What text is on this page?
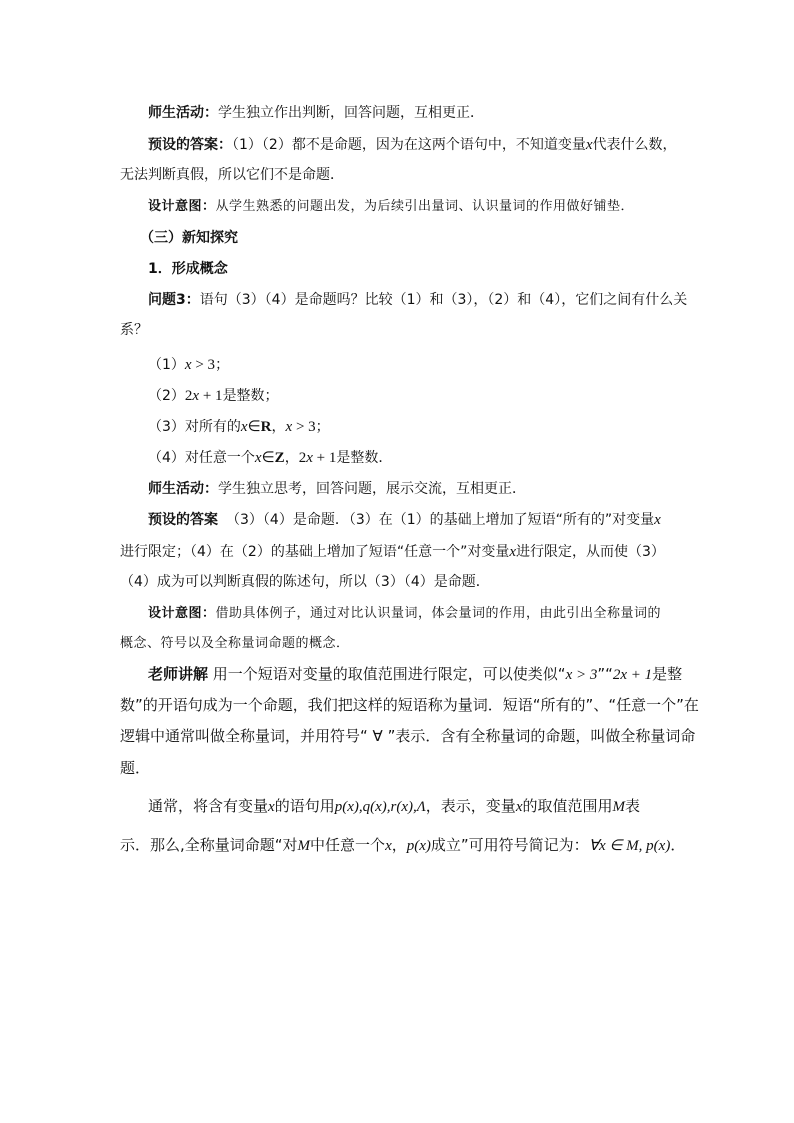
师生活动：学生独立作出判断，回答问题，互相更正．
预设的答案：（1）（2）都不是命题，因为在这两个语句中，不知道变量x代表什么数，
无法判断真假，所以它们不是命题．
设计意图：从学生熟悉的问题出发，为后续引出量词、认识量词的作用做好铺垫．
（三）新知探究
1．形成概念
问题3：语句（3）（4）是命题吗？比较（1）和（3），（2）和（4），它们之间有什么关
系？
（1）x > 3；
（2）2x + 1是整数；
（3）对所有的x∈R，x > 3；
（4）对任意一个x∈Z，2x + 1是整数．
师生活动：学生独立思考，回答问题，展示交流，互相更正．
预设的答案 （3）（4）是命题．（3）在（1）的基础上增加了短语“所有的”对变量x
进行限定；（4）在（2）的基础上增加了短语“任意一个”对变量x进行限定，从而使（3）
（4）成为可以判断真假的陈述句，所以（3）（4）是命题．
设计意图：借助具体例子，通过对比认识量词，体会量词的作用，由此引出全称量词的
概念、符号以及全称量词命题的概念．
老师讲解 用一个短语对变量的取值范围进行限定，可以使类似“x > 3”“2x + 1是整
数”的开语句成为一个命题，我们把这样的短语称为量词．短语“所有的”、“任意一个”在
逻辑中通常叫做全称量词，并用符号“ ∀ ”表示．含有全称量词的命题，叫做全称量词命
题．
通常，将含有变量x的语句用p(x),q(x),r(x),Λ，表示，变量x的取值范围用M表
示．那么,全称量词命题“对M中任意一个x，p(x)成立”可用符号简记为：∀x ∈ M, p(x)．
